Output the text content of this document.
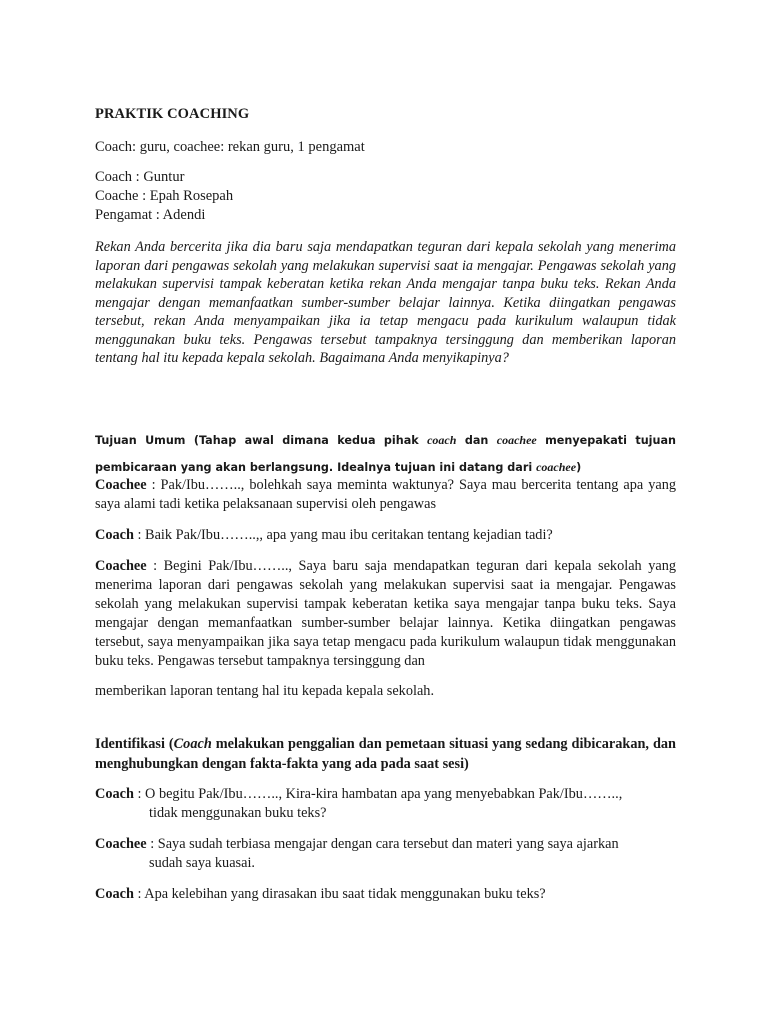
PRAKTIK COACHING
Coach: guru, coachee: rekan guru, 1 pengamat
Coach : Guntur
Coache : Epah Rosepah
Pengamat : Adendi
Rekan Anda bercerita jika dia baru saja mendapatkan teguran dari kepala sekolah yang menerima laporan dari pengawas sekolah yang melakukan supervisi saat ia mengajar. Pengawas sekolah yang melakukan supervisi tampak keberatan ketika rekan Anda mengajar tanpa buku teks. Rekan Anda mengajar dengan memanfaatkan sumber-sumber belajar lainnya. Ketika diingatkan pengawas tersebut, rekan Anda menyampaikan jika ia tetap mengacu pada kurikulum walaupun tidak menggunakan buku teks. Pengawas tersebut tampaknya tersinggung dan memberikan laporan tentang hal itu kepada kepala sekolah. Bagaimana Anda menyikapinya?
Tujuan Umum (Tahap awal dimana kedua pihak coach dan coachee menyepakati tujuan pembicaraan yang akan berlangsung. Idealnya tujuan ini datang dari coachee)
Coachee : Pak/Ibu…….., bolehkah saya meminta waktunya? Saya mau bercerita tentang apa yang saya alami tadi ketika pelaksanaan supervisi oleh pengawas
Coach : Baik Pak/Ibu……..,, apa yang mau ibu ceritakan tentang kejadian tadi?
Coachee : Begini Pak/Ibu…….., Saya baru saja mendapatkan teguran dari kepala sekolah yang menerima laporan dari pengawas sekolah yang melakukan supervisi saat ia mengajar. Pengawas sekolah yang melakukan supervisi tampak keberatan ketika saya mengajar tanpa buku teks. Saya mengajar dengan memanfaatkan sumber-sumber belajar lainnya. Ketika diingatkan pengawas tersebut, saya menyampaikan jika saya tetap mengacu pada kurikulum walaupun tidak menggunakan buku teks. Pengawas tersebut tampaknya tersinggung dan
memberikan laporan tentang hal itu kepada kepala sekolah.
Identifikasi (Coach melakukan penggalian dan pemetaan situasi yang sedang dibicarakan, dan menghubungkan dengan fakta-fakta yang ada pada saat sesi)
Coach : O begitu Pak/Ibu…….., Kira-kira hambatan apa yang menyebabkan Pak/Ibu……..,
tidak menggunakan buku teks?
Coachee : Saya sudah terbiasa mengajar dengan cara tersebut dan materi yang saya ajarkan
sudah saya kuasai.
Coach : Apa kelebihan yang dirasakan ibu saat tidak menggunakan buku teks?
